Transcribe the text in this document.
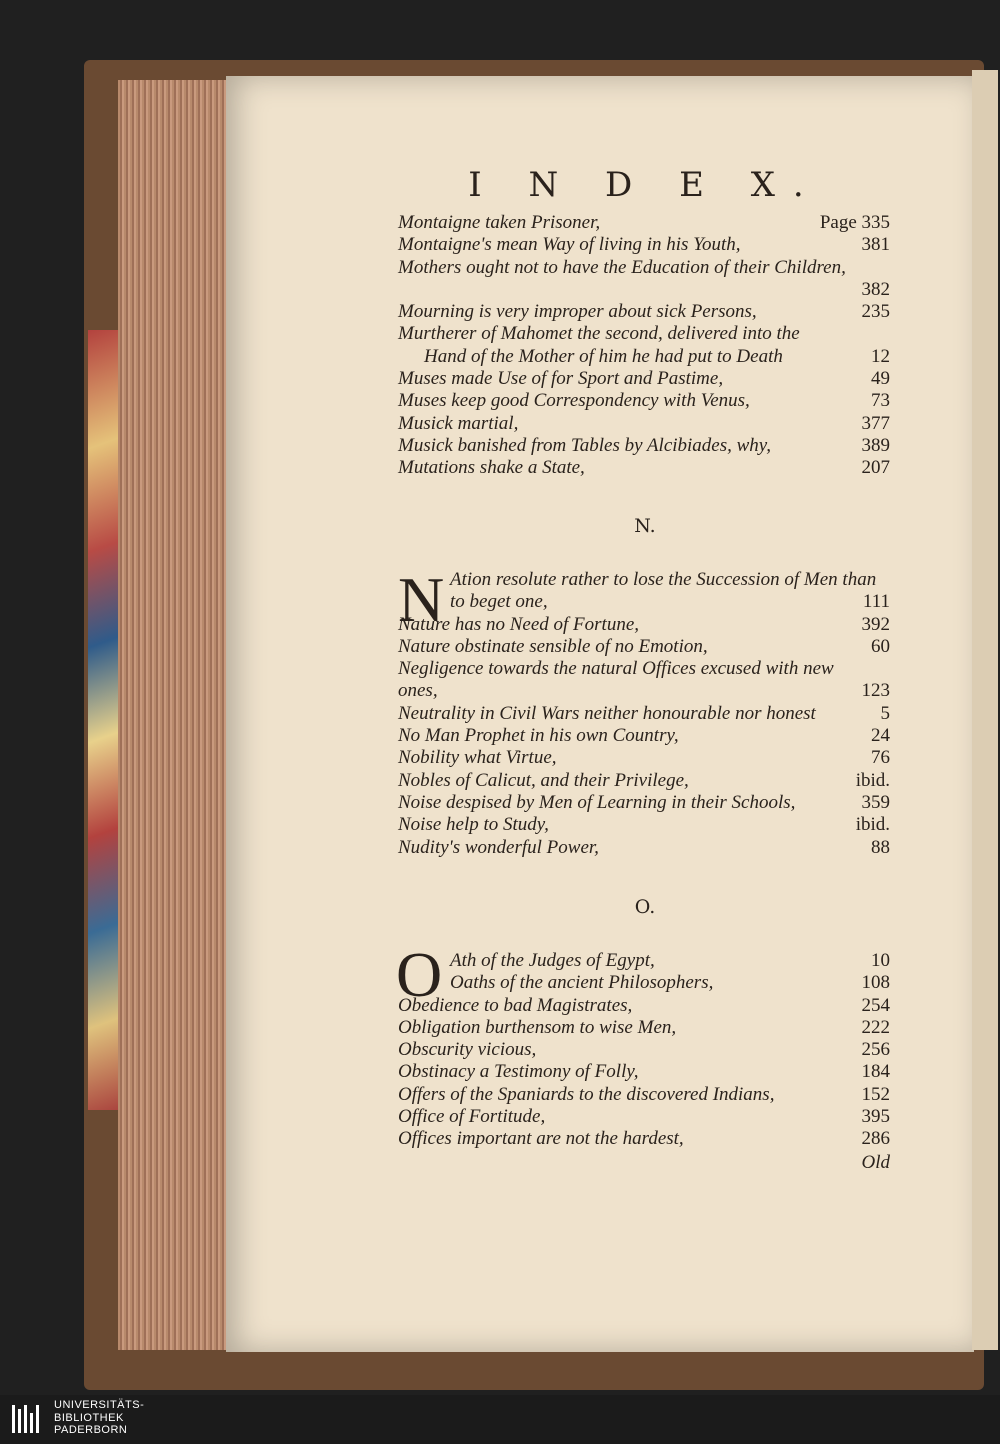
I N D E X.
Montaigne taken Prisoner,	Page 335
Montaigne's mean Way of living in his Youth,	381
Mothers ought not to have the Education of their Children,
382
Mourning is very improper about sick Persons,	235
Murtherer of Mahomet the second, delivered into the
Hand of the Mother of him he had put to Death	12
Muses made Use of for Sport and Pastime,	49
Muses keep good Correspondency with Venus,	73
Musick martial,	377
Musick banished from Tables by Alcibiades, why,	389
Mutations shake a State,	207
N.
N Ation resolute rather to lose the Succession of Men than
to beget one,	111
Nature has no Need of Fortune,	392
Nature obstinate sensible of no Emotion,	60
Negligence towards the natural Offices excused with new
ones,	123
Neutrality in Civil Wars neither honourable nor honest	5
No Man Prophet in his own Country,	24
Nobility what Virtue,	76
Nobles of Calicut, and their Privilege,	ibid.
Noise despised by Men of Learning in their Schools,	359
Noise help to Study,	ibid.
Nudity's wonderful Power,	88
O.
O Ath of the Judges of Egypt,	10
Oaths of the ancient Philosophers,	108
Obedience to bad Magistrates,	254
Obligation burthensom to wise Men,	222
Obscurity vicious,	256
Obstinacy a Testimony of Folly,	184
Offers of the Spaniards to the discovered Indians,	152
Office of Fortitude,	395
Offices important are not the hardest,	286
Old
UNIVERSITÄTS-
BIBLIOTHEK
PADERBORN
